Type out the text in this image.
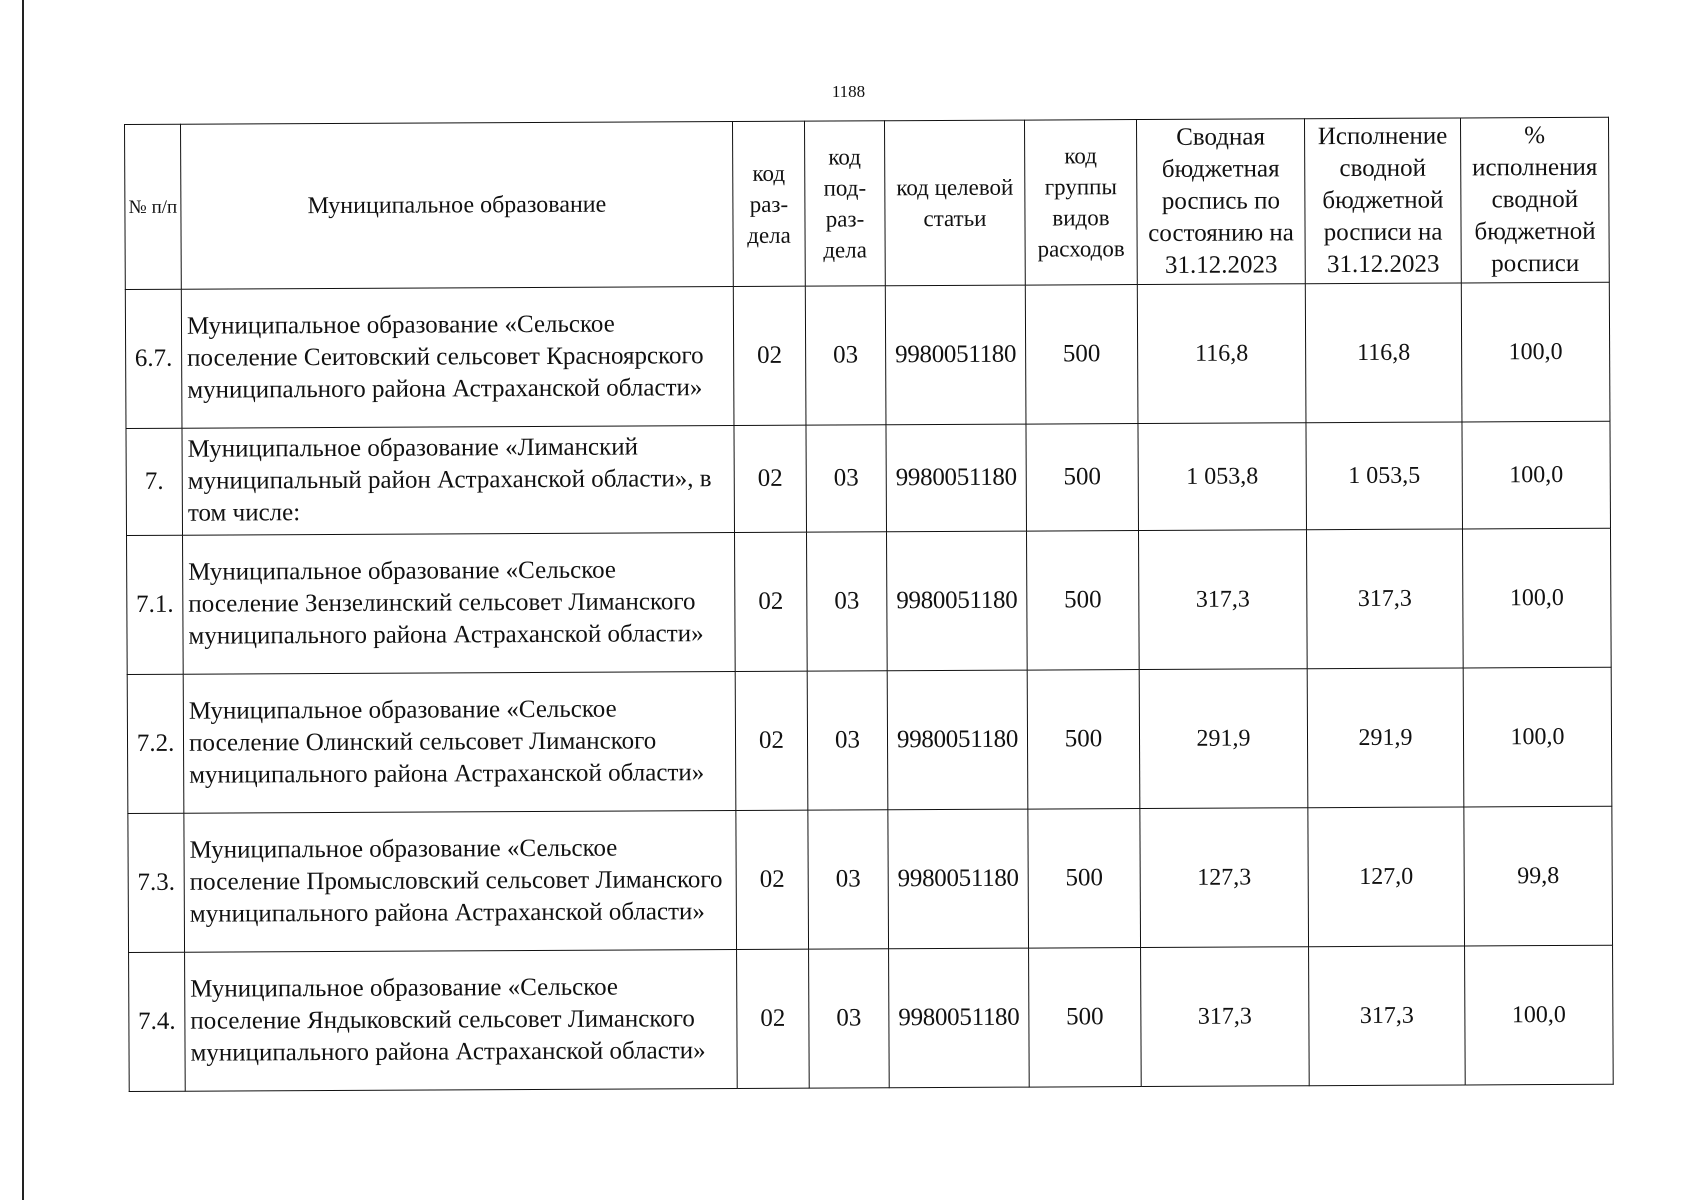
1188
№ п/п	Муниципальное образование	код раз-дела	код под-раз-дела	код целевой статьи	код группы видов расходов	Сводная бюджетная роспись по состоянию на 31.12.2023	Исполнение сводной бюджетной росписи на 31.12.2023	% исполнения сводной бюджетной росписи
6.7.	Муниципальное образование «Сельское поселение Сеитовский сельсовет Красноярского муниципального района Астраханской области»	02	03	9980051180	500	116,8	116,8	100,0
7.	Муниципальное образование «Лиманский муниципальный район Астраханской области», в том числе:	02	03	9980051180	500	1 053,8	1 053,5	100,0
7.1.	Муниципальное образование «Сельское поселение Зензелинский сельсовет Лиманского муниципального района Астраханской области»	02	03	9980051180	500	317,3	317,3	100,0
7.2.	Муниципальное образование «Сельское поселение Олинский сельсовет Лиманского муниципального района Астраханской области»	02	03	9980051180	500	291,9	291,9	100,0
7.3.	Муниципальное образование «Сельское поселение Промысловский сельсовет Лиманского муниципального района Астраханской области»	02	03	9980051180	500	127,3	127,0	99,8
7.4.	Муниципальное образование «Сельское поселение Яндыковский сельсовет Лиманского муниципального района Астраханской области»	02	03	9980051180	500	317,3	317,3	100,0
